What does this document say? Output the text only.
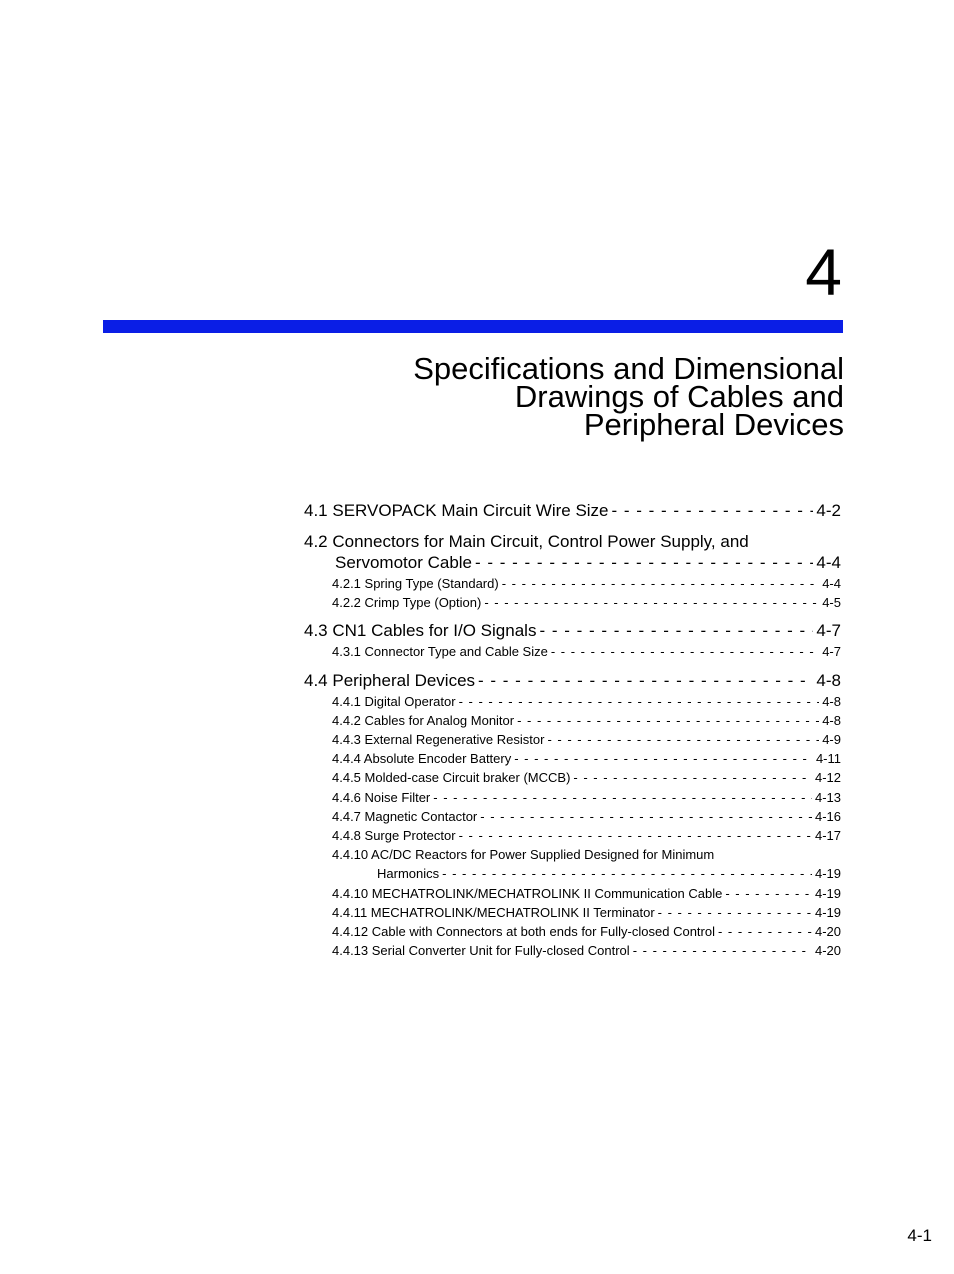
4
Specifications and Dimensional
Drawings of Cables and
Peripheral Devices
4.1 SERVOPACK Main Circuit Wire Size - - -	4-2
4.2 Connectors for Main Circuit, Control Power Supply, and
Servomotor Cable - - -	4-4
4.2.1 Spring Type (Standard) - - -	4-4
4.2.2 Crimp Type (Option) - - -	4-5
4.3 CN1 Cables for I/O Signals - - -	4-7
4.3.1 Connector Type and Cable Size - - -	4-7
4.4 Peripheral Devices - - -	4-8
4.4.1 Digital Operator - - -	4-8
4.4.2 Cables for Analog Monitor - - -	4-8
4.4.3 External Regenerative Resistor - - -	4-9
4.4.4 Absolute Encoder Battery - - -	4-11
4.4.5 Molded-case Circuit braker (MCCB) - - -	4-12
4.4.6 Noise Filter - - -	4-13
4.4.7 Magnetic Contactor - - -	4-16
4.4.8 Surge Protector - - -	4-17
4.4.10 AC/DC Reactors for Power Supplied Designed for Minimum
Harmonics - - -	4-19
4.4.10 MECHATROLINK/MECHATROLINK II Communication Cable - - -	4-19
4.4.11 MECHATROLINK/MECHATROLINK II Terminator - - -	4-19
4.4.12 Cable with Connectors at both ends for Fully-closed Control - - -	4-20
4.4.13 Serial Converter Unit for Fully-closed Control - - -	4-20
4-1
